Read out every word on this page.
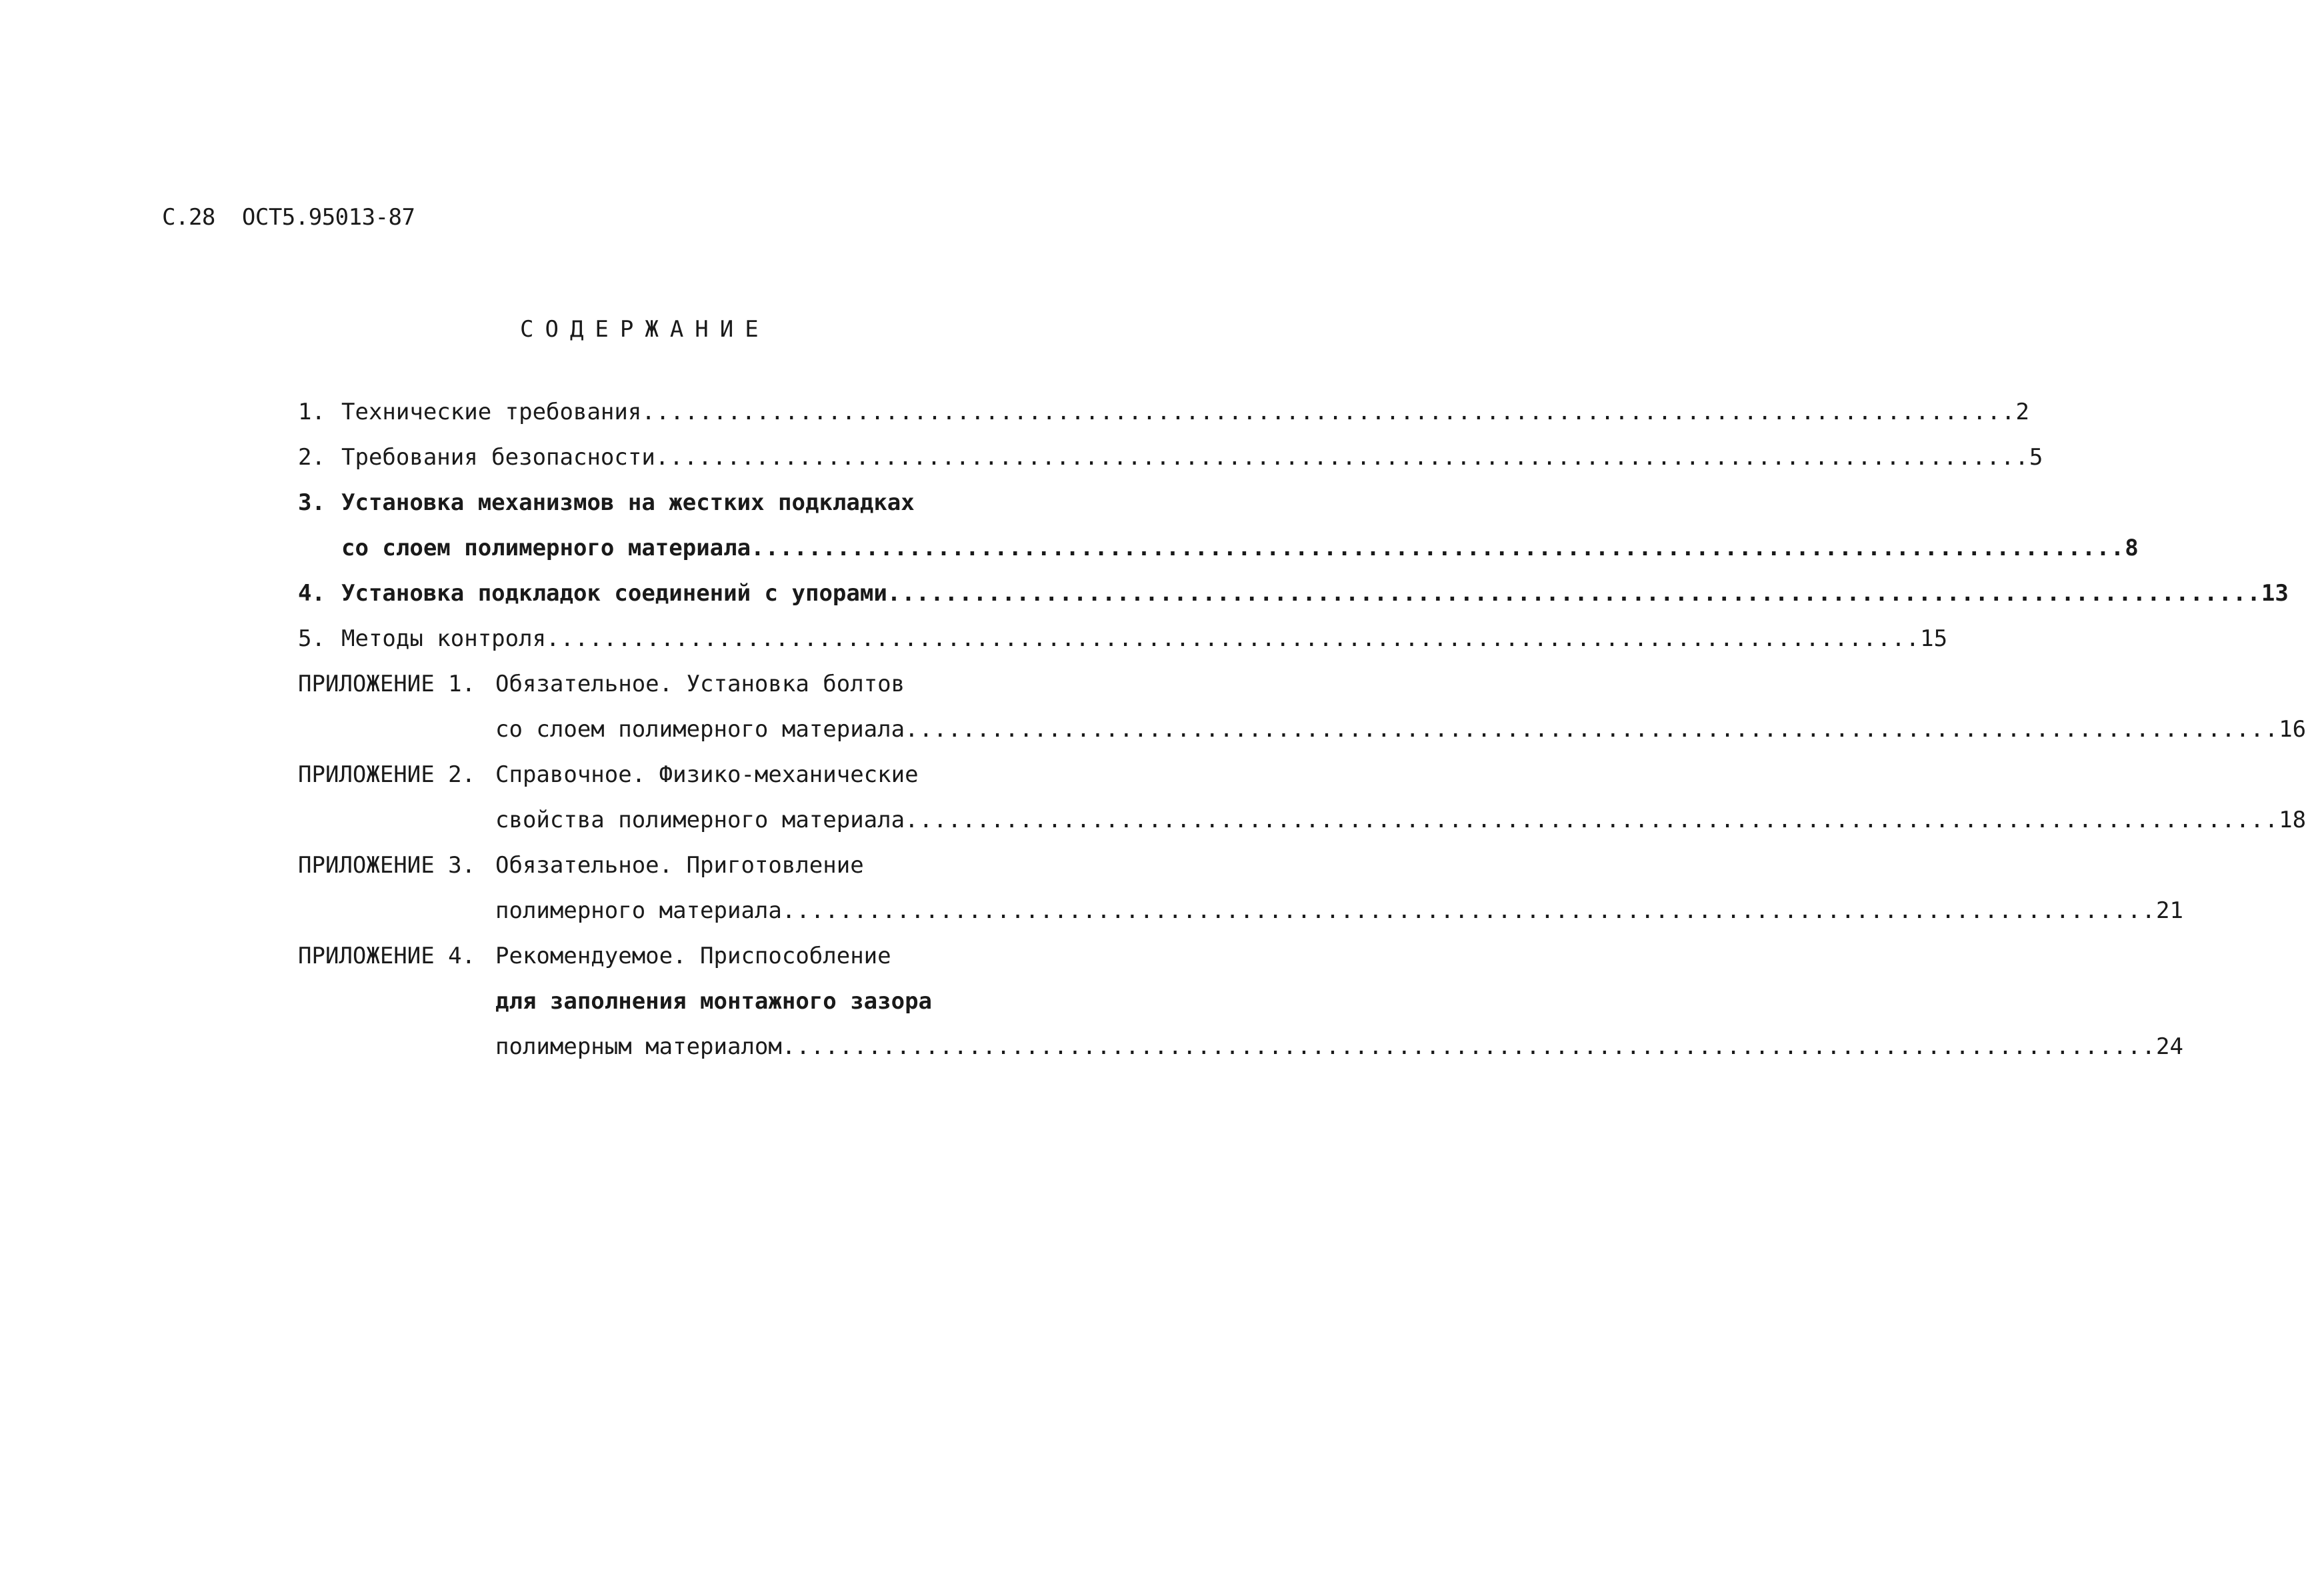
С.28 ОСТ5.95013-87
СОДЕРЖАНИЕ
1. Технические требования ................................................................................................ 2
2. Требования безопасности ................................................................................................ 5
3. Установка механизмов на жестких подкладках
со слоем полимерного материала ................................................................................................ 8
4. Установка подкладок соединений с упорами ................................................................................................ 13
5. Методы контроля ................................................................................................ 15
ПРИЛОЖЕНИЕ 1. Обязательное. Установка болтов
со слоем полимерного материала ................................................................................................ 16
ПРИЛОЖЕНИЕ 2. Справочное. Физико-механические
свойства полимерного материала ................................................................................................ 18
ПРИЛОЖЕНИЕ 3. Обязательное. Приготовление
полимерного материала ................................................................................................ 21
ПРИЛОЖЕНИЕ 4. Рекомендуемое. Приспособление
для заполнения монтажного зазора
полимерным материалом ................................................................................................ 24
